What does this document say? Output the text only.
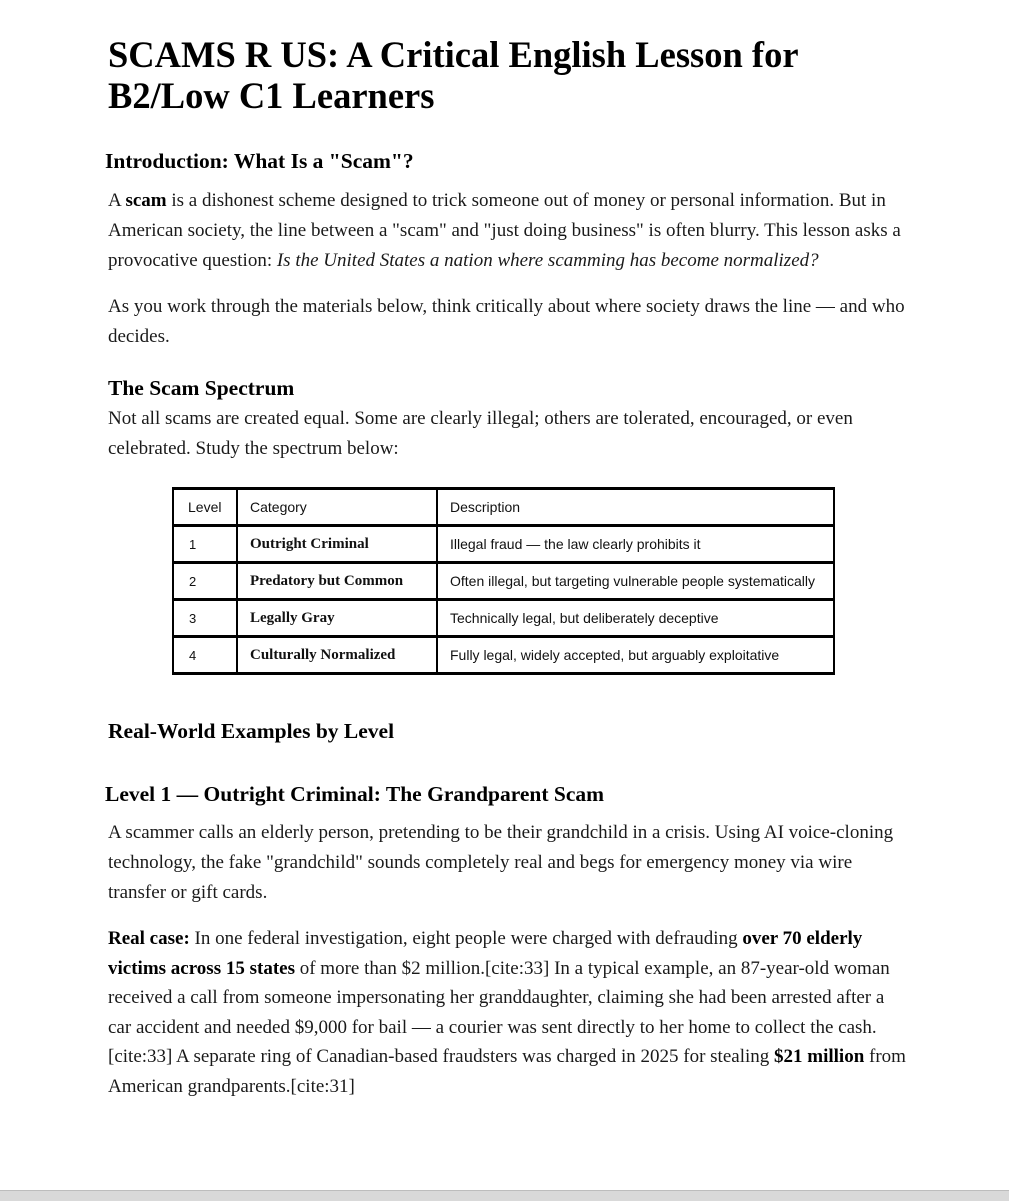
SCAMS R US: A Critical English Lesson for B2/Low C1 Learners
Introduction: What Is a "Scam"?

A scam is a dishonest scheme designed to trick someone out of money or personal information. But in American society, the line between a "scam" and "just doing business" is often blurry. This lesson asks a provocative question: Is the United States a nation where scamming has become normalized?

As you work through the materials below, think critically about where society draws the line — and who decides.

The Scam Spectrum

Not all scams are created equal. Some are clearly illegal; others are tolerated, encouraged, or even celebrated. Study the spectrum below:

Level	Category	Description
1	Outright Criminal	Illegal fraud — the law clearly prohibits it
2	Predatory but Common	Often illegal, but targeting vulnerable people systematically
3	Legally Gray	Technically legal, but deliberately deceptive
4	Culturally Normalized	Fully legal, widely accepted, but arguably exploitative
Real-World Examples by Level
Level 1 — Outright Criminal: The Grandparent Scam

A scammer calls an elderly person, pretending to be their grandchild in a crisis. Using AI voice-cloning technology, the fake "grandchild" sounds completely real and begs for emergency money via wire transfer or gift cards.

Real case: In one federal investigation, eight people were charged with defrauding over 70 elderly victims across 15 states of more than $2 million.[cite:33] In a typical example, an 87-year-old woman received a call from someone impersonating her granddaughter, claiming she had been arrested after a car accident and needed $9,000 for bail — a courier was sent directly to her home to collect the cash.[cite:33] A separate ring of Canadian-based fraudsters was charged in 2025 for stealing $21 million from American grandparents.[cite:31]
